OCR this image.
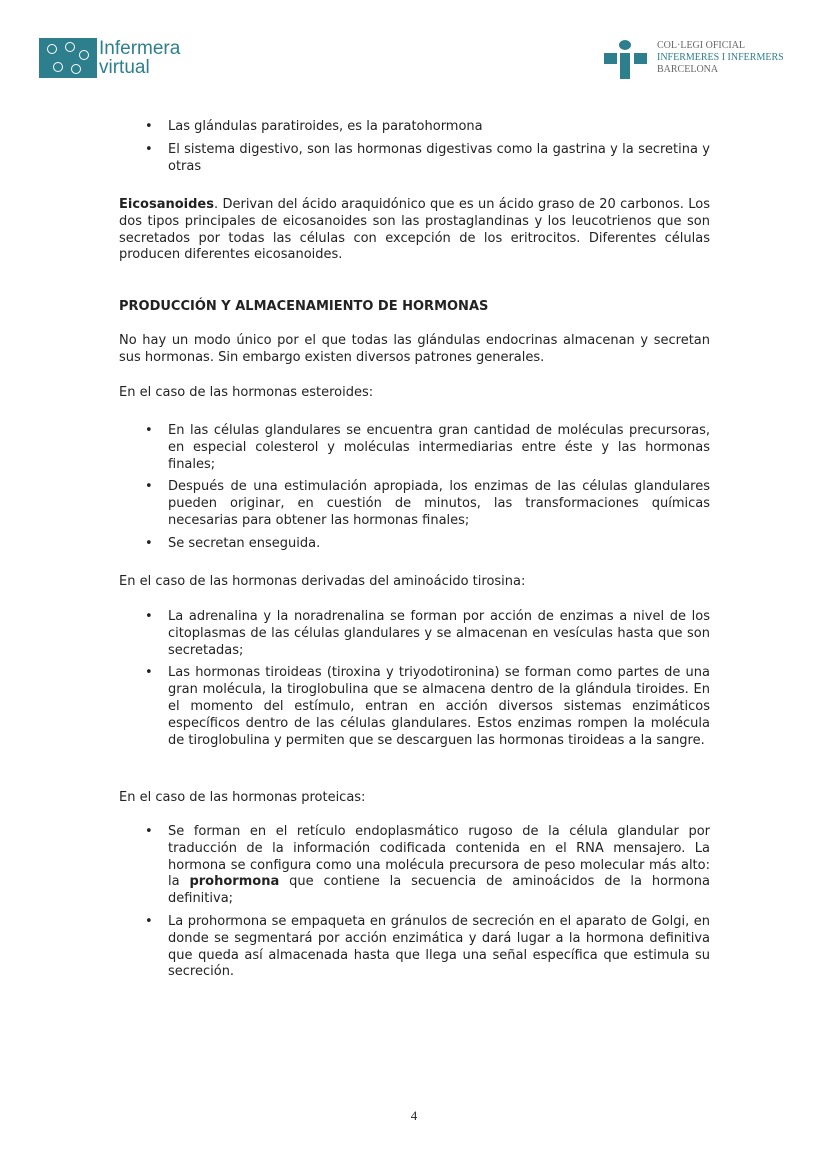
Infermera
virtual
COL·LEGI OFICIAL
INFERMERES I INFERMERS
BARCELONA
• Las glándulas paratiroides, es la paratohormona
• El sistema digestivo, son las hormonas digestivas como la gastrina y la secretina y otras

Eicosanoides. Derivan del ácido araquidónico que es un ácido graso de 20 carbonos. Los dos tipos principales de eicosanoides son las prostaglandinas y los leucotrienos que son secretados por todas las células con excepción de los eritrocitos. Diferentes células producen diferentes eicosanoides.

PRODUCCIÓN Y ALMACENAMIENTO DE HORMONAS

No hay un modo único por el que todas las glándulas endocrinas almacenan y secretan sus hormonas. Sin embargo existen diversos patrones generales.

En el caso de las hormonas esteroides:

• En las células glandulares se encuentra gran cantidad de moléculas precursoras, en especial colesterol y moléculas intermediarias entre éste y las hormonas finales;
• Después de una estimulación apropiada, los enzimas de las células glandulares pueden originar, en cuestión de minutos, las transformaciones químicas necesarias para obtener las hormonas finales;
• Se secretan enseguida.

En el caso de las hormonas derivadas del aminoácido tirosina:

• La adrenalina y la noradrenalina se forman por acción de enzimas a nivel de los citoplasmas de las células glandulares y se almacenan en vesículas hasta que son secretadas;
• Las hormonas tiroideas (tiroxina y triyodotironina) se forman como partes de una gran molécula, la tiroglobulina que se almacena dentro de la glándula tiroides. En el momento del estímulo, entran en acción diversos sistemas enzimáticos específicos dentro de las células glandulares. Estos enzimas rompen la molécula de tiroglobulina y permiten que se descarguen las hormonas tiroideas a la sangre.

En el caso de las hormonas proteicas:

• Se forman en el retículo endoplasmático rugoso de la célula glandular por traducción de la información codificada contenida en el RNA mensajero. La hormona se configura como una molécula precursora de peso molecular más alto: la prohormona que contiene la secuencia de aminoácidos de la hormona definitiva;
• La prohormona se empaqueta en gránulos de secreción en el aparato de Golgi, en donde se segmentará por acción enzimática y dará lugar a la hormona definitiva que queda así almacenada hasta que llega una señal específica que estimula su secreción.
4
